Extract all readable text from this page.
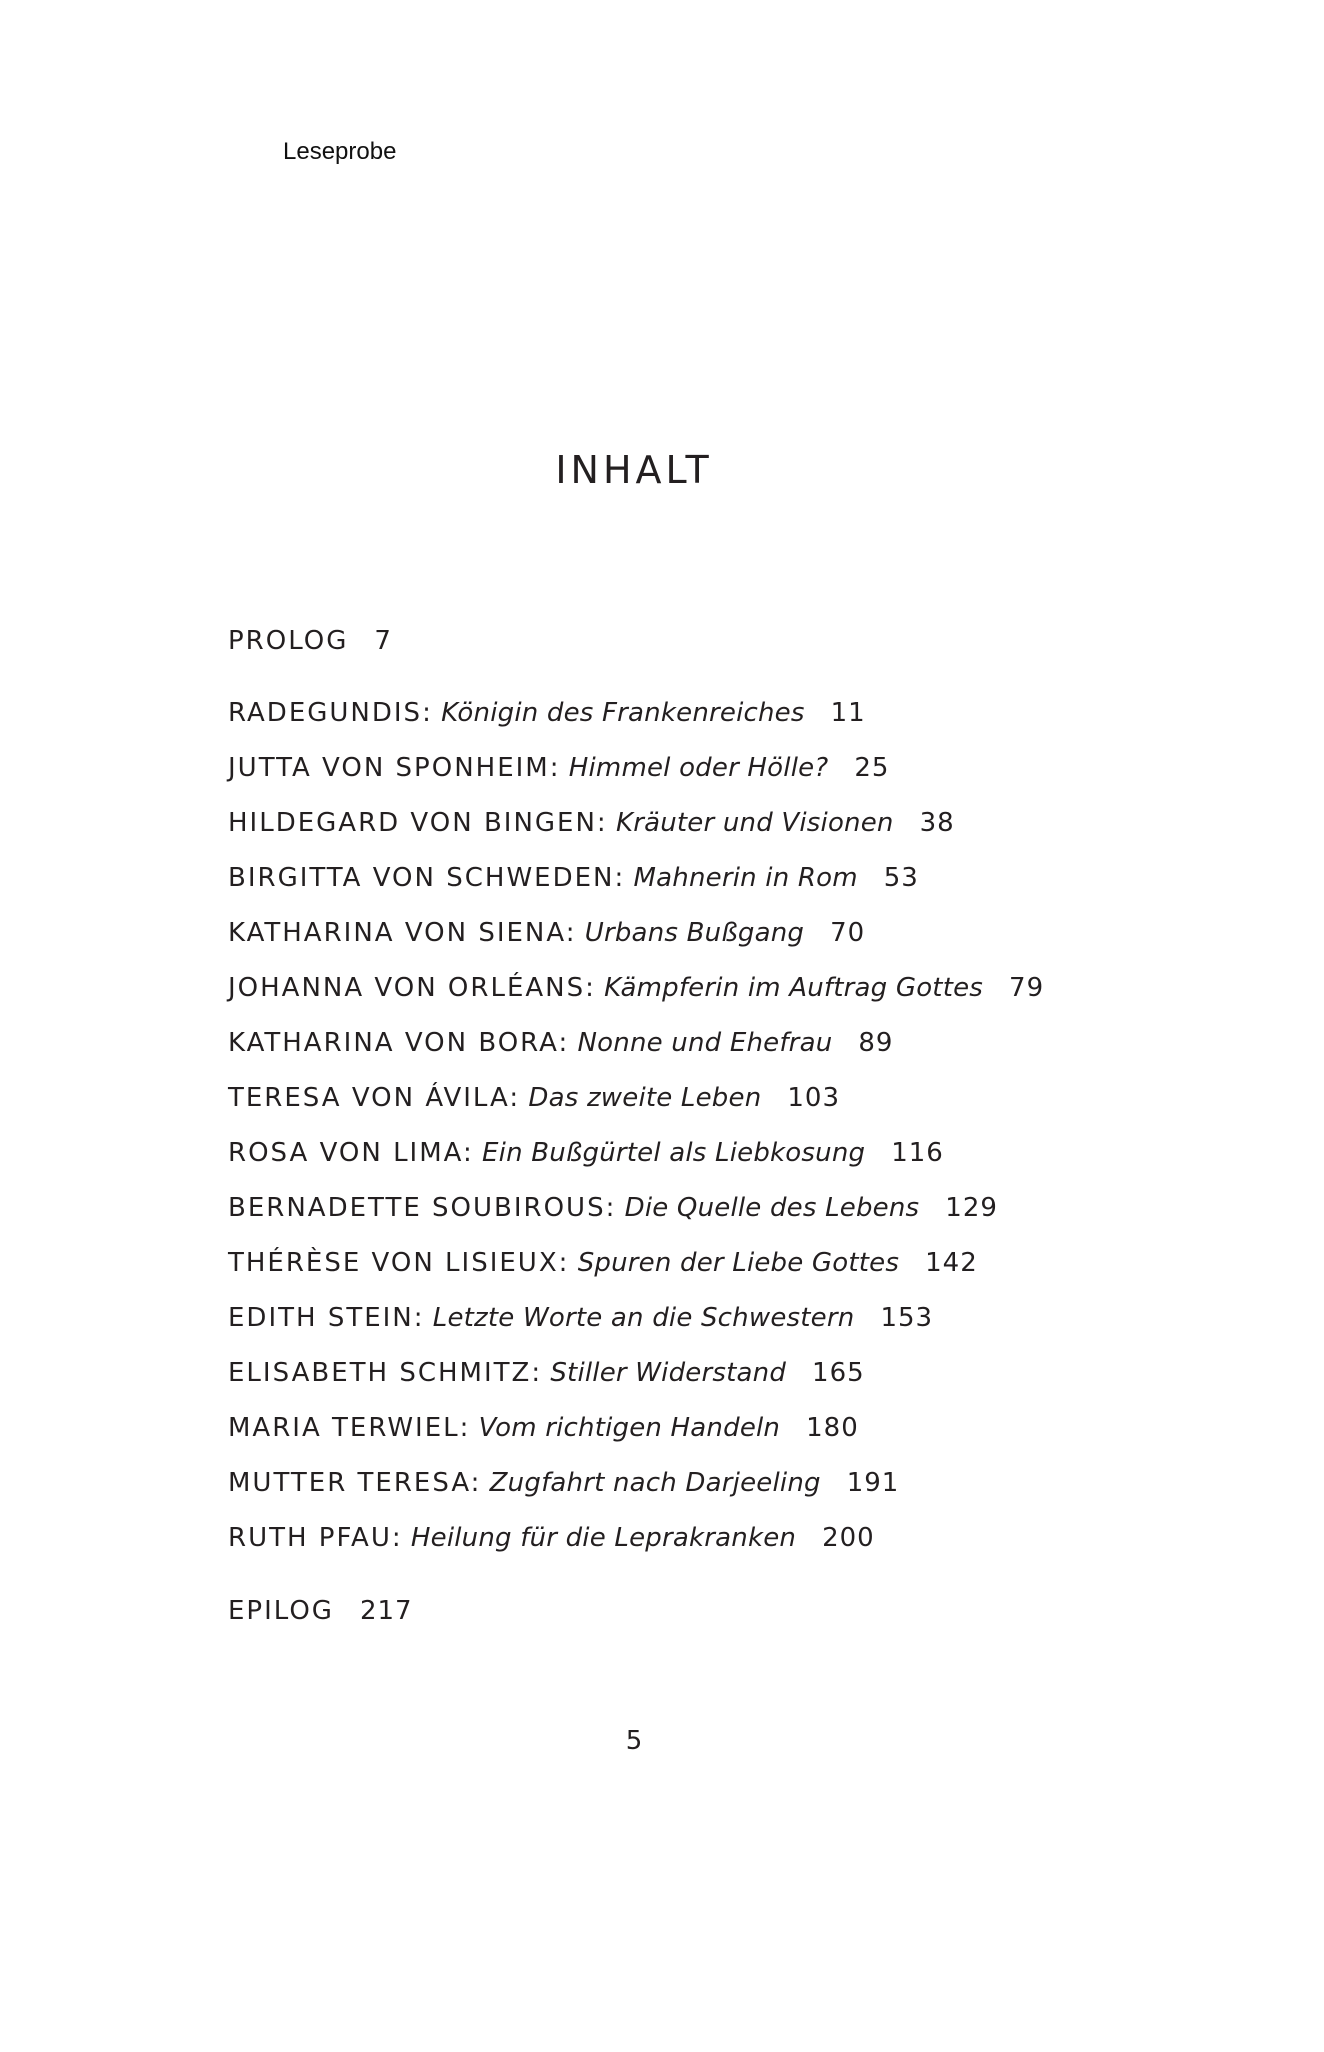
Leseprobe
INHALT
PROLOG 7
RADEGUNDIS: Königin des Frankenreiches 11
JUTTA VON SPONHEIM: Himmel oder Hölle? 25
HILDEGARD VON BINGEN: Kräuter und Visionen 38
BIRGITTA VON SCHWEDEN: Mahnerin in Rom 53
KATHARINA VON SIENA: Urbans Bußgang 70
JOHANNA VON ORLÉANS: Kämpferin im Auftrag Gottes 79
KATHARINA VON BORA: Nonne und Ehefrau 89
TERESA VON ÁVILA: Das zweite Leben 103
ROSA VON LIMA: Ein Bußgürtel als Liebkosung 116
BERNADETTE SOUBIROUS: Die Quelle des Lebens 129
THÉRÈSE VON LISIEUX: Spuren der Liebe Gottes 142
EDITH STEIN: Letzte Worte an die Schwestern 153
ELISABETH SCHMITZ: Stiller Widerstand 165
MARIA TERWIEL: Vom richtigen Handeln 180
MUTTER TERESA: Zugfahrt nach Darjeeling 191
RUTH PFAU: Heilung für die Leprakranken 200
EPILOG 217
5
